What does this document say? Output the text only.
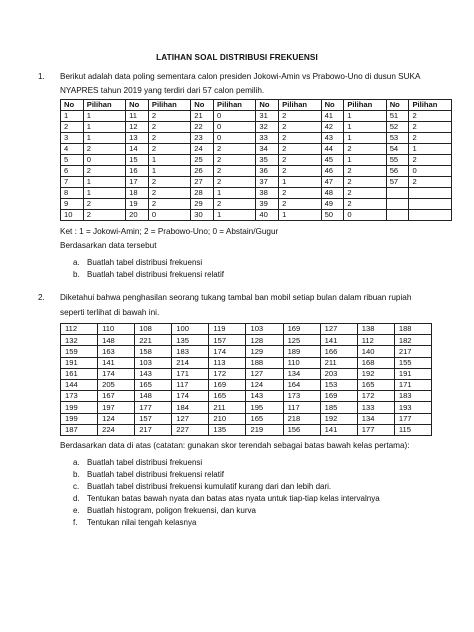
LATIHAN SOAL DISTRIBUSI FREKUENSI
1. Berikut adalah data poling sementara calon presiden Jokowi-Amin vs Prabowo-Uno di dusun SUKA
NYAPRES tahun 2019 yang terdiri dari 57 calon pemilih.
No	Pilihan	No	Pilihan	No	Pilihan	No	Pilihan	No	Pilihan	No	Pilihan
1	1	11	2	21	0	31	2	41	1	51	2
2	1	12	2	22	0	32	2	42	1	52	2
3	1	13	2	23	0	33	2	43	1	53	2
4	2	14	2	24	2	34	2	44	2	54	1
5	0	15	1	25	2	35	2	45	1	55	2
6	2	16	1	26	2	36	2	46	2	56	0
7	1	17	2	27	2	37	1	47	2	57	2
8	1	18	2	28	1	38	2	48	2		
9	2	19	2	29	2	39	2	49	2		
10	2	20	0	30	1	40	1	50	0		
Ket : 1 = Jokowi-Amin; 2 = Prabowo-Uno; 0 = Abstain/Gugur
Berdasarkan data tersebut
a. Buatlah tabel distribusi frekuensi
b. Buatlah tabel distribusi frekuensi relatif
2. Diketahui bahwa penghasilan seorang tukang tambal ban mobil setiap bulan dalam ribuan rupiah
seperti terlihat di bawah ini.
112	110	108	100	119	103	169	127	138	188
132	148	221	135	157	128	125	141	112	182
159	163	158	183	174	129	189	166	140	217
191	141	103	214	113	188	110	211	168	155
161	174	143	171	172	127	134	203	192	191
144	205	165	117	169	124	164	153	165	171
173	167	148	174	165	143	173	169	172	183
199	197	177	184	211	195	117	185	133	193
199	124	157	127	210	165	218	192	134	177
187	224	217	227	135	219	156	141	177	115
Berdasarkan data di atas (catatan: gunakan skor terendah sebagai batas bawah kelas pertama):
a. Buatlah tabel distribusi frekuensi
b. Buatlah tabel distribusi frekuensi relatif
c. Buatlah tabel distribusi frekuensi kumulatif kurang dari dan lebih dari.
d. Tentukan batas bawah nyata dan batas atas nyata untuk tiap-tiap kelas intervalnya
e. Buatlah histogram, poligon frekuensi, dan kurva
f. Tentukan nilai tengah kelasnya
